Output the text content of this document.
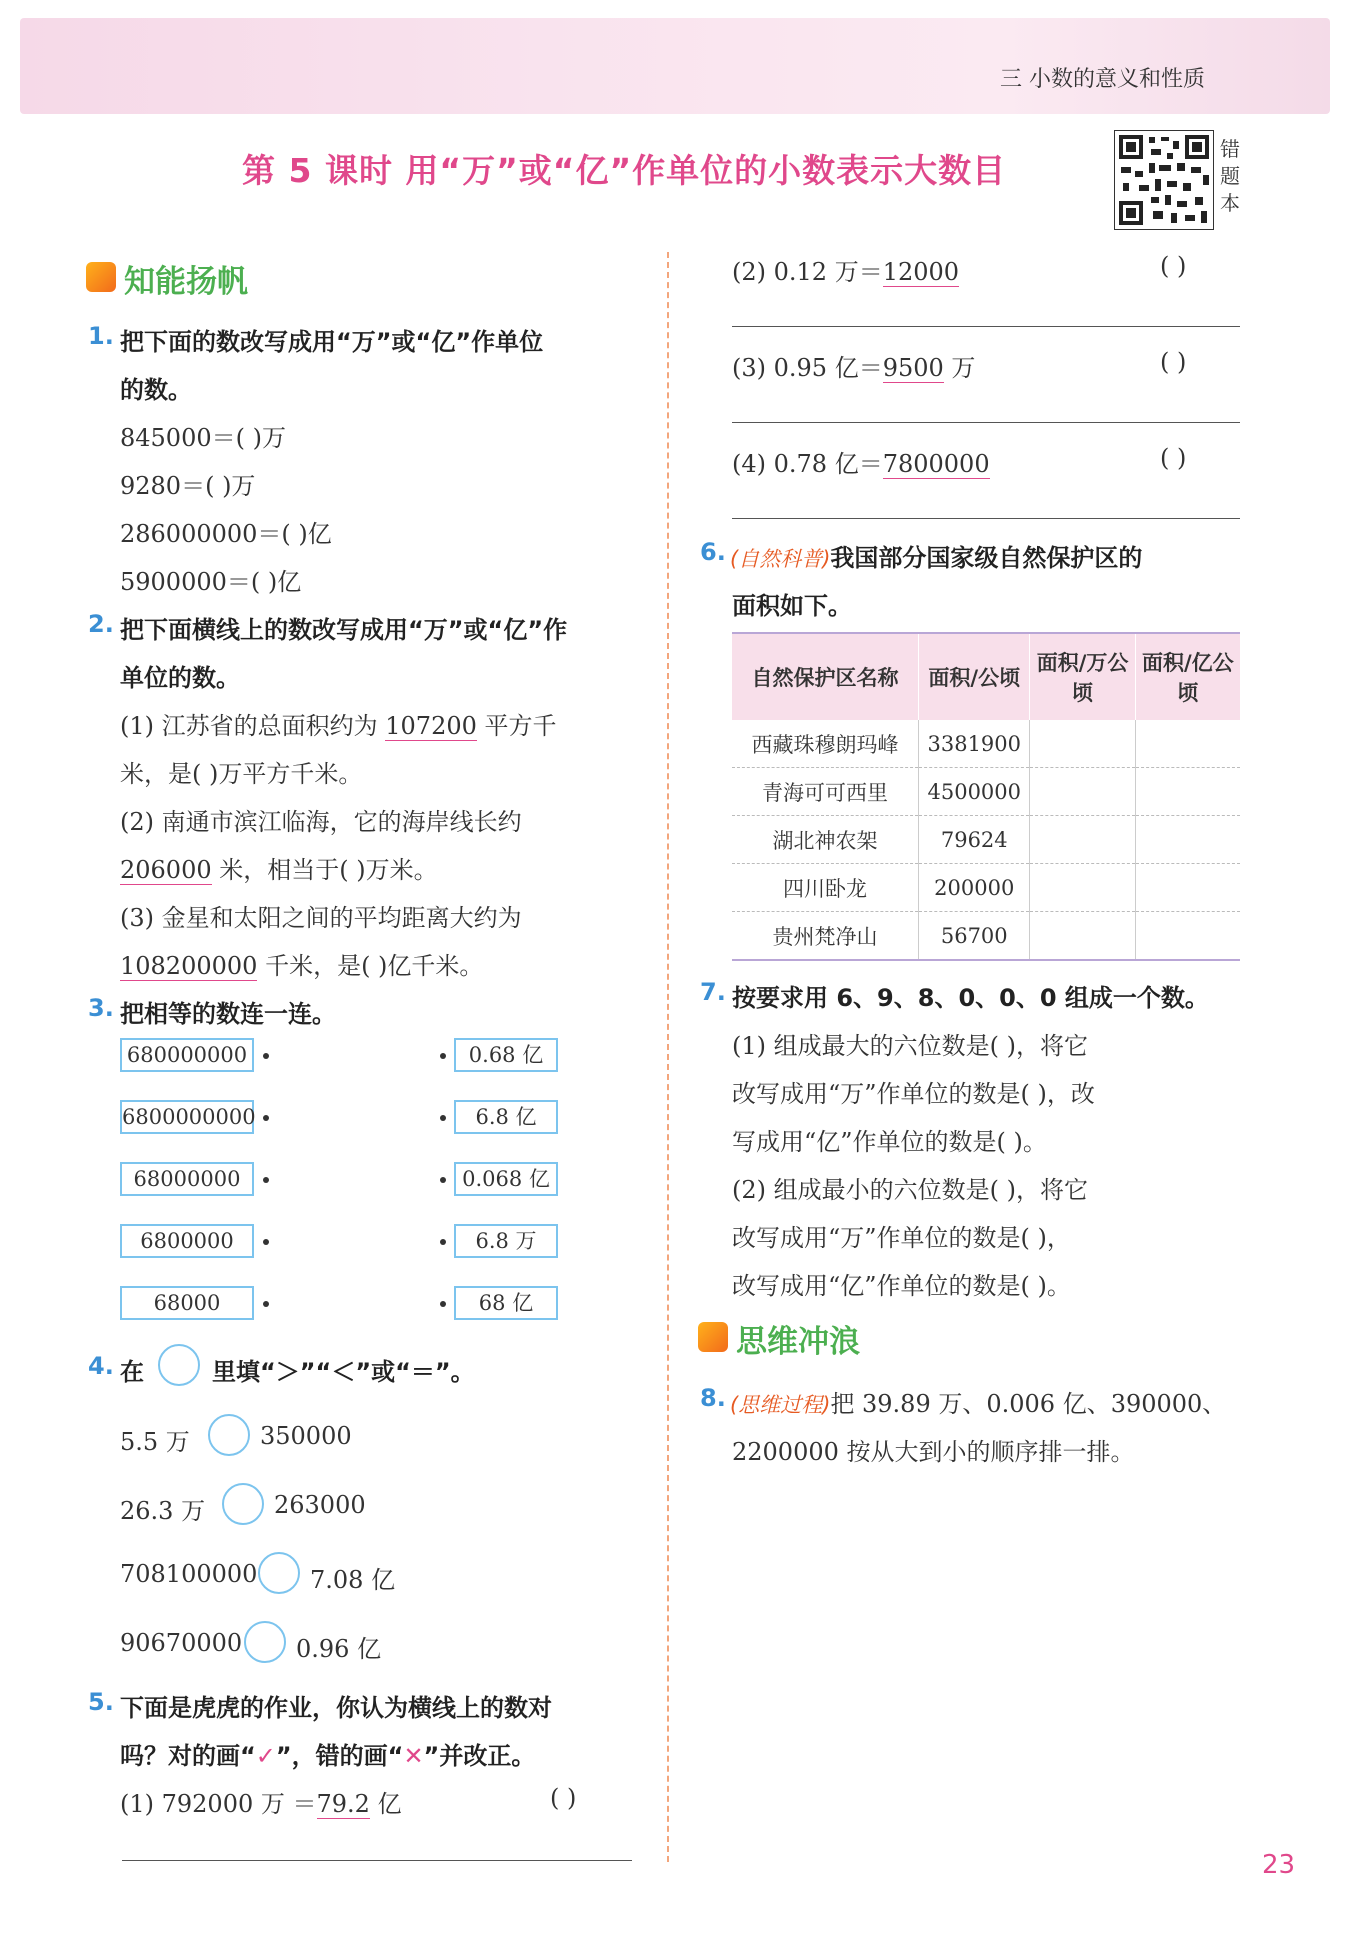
三 小数的意义和性质
第 5 课时 用“万”或“亿”作单位的小数表示大数目
错
题
本
知能扬帆
1. 把下面的数改写成用“万”或“亿”作单位
的数。
845000＝( )万
9280＝( )万
286000000＝( )亿
5900000＝( )亿
2. 把下面横线上的数改写成用“万”或“亿”作
单位的数。
(1) 江苏省的总面积约为 107200 平方千
米，是( )万平方千米。
(2) 南通市滨江临海，它的海岸线长约
206000 米，相当于( )万米。
(3) 金星和太阳之间的平均距离大约为
108200000 千米，是( )亿千米。
3. 把相等的数连一连。
680000000	0.68 亿
6800000000	6.8 亿
68000000	0.068 亿
6800000	6.8 万
68000	68 亿
4. 在	里填“＞”“＜”或“＝”。
5.5 万	350000
26.3 万	263000
708100000 7.08 亿
90670000 0.96 亿
5. 下面是虎虎的作业，你认为横线上的数对
吗？对的画“✓”，错的画“✕”并改正。
(1) 792000 万 ＝79.2 亿	( )
(2) 0.12 万＝12000	( )
(3) 0.95 亿＝9500 万	( )
(4) 0.78 亿＝7800000	( )
6. (自然科普)我国部分国家级自然保护区的
面积如下。
自然保护区名称	面积/公顷	面积/万公顷	面积/亿公顷
西藏珠穆朗玛峰	3381900		
青海可可西里	4500000		
湖北神农架	79624		
四川卧龙	200000		
贵州梵净山	56700		
7. 按要求用 6、9、8、0、0、0 组成一个数。
(1) 组成最大的六位数是( )，将它
改写成用“万”作单位的数是( )，改
写成用“亿”作单位的数是( )。
(2) 组成最小的六位数是( )，将它
改写成用“万”作单位的数是( )，
改写成用“亿”作单位的数是( )。
思维冲浪
8. (思维过程)把 39.89 万、0.006 亿、390000、
2200000 按从大到小的顺序排一排。
23
